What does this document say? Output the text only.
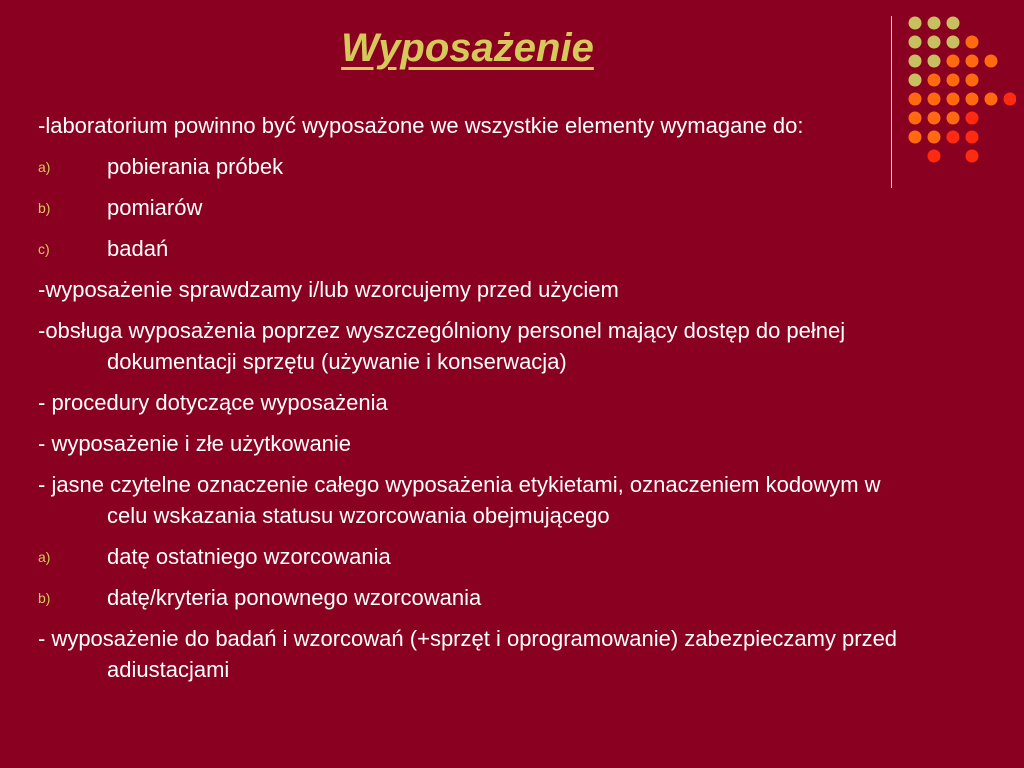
Wyposażenie

-laboratorium powinno być wyposażone we wszystkie elementy wymagane do:

a)	pobierania próbek
b)	pomiarów
c)	badań

-wyposażenie sprawdzamy i/lub wzorcujemy przed użyciem

-obsługa wyposażenia poprzez wyszczególniony personel mający dostęp do pełnej dokumentacji sprzętu (używanie i konserwacja)

- procedury dotyczące wyposażenia

- wyposażenie i złe użytkowanie

- jasne czytelne oznaczenie całego wyposażenia etykietami, oznaczeniem kodowym w celu wskazania statusu wzorcowania obejmującego

a)	datę ostatniego wzorcowania
b)	datę/kryteria ponownego wzorcowania

- wyposażenie do badań i wzorcowań (+sprzęt i oprogramowanie) zabezpieczamy przed adiustacjami
